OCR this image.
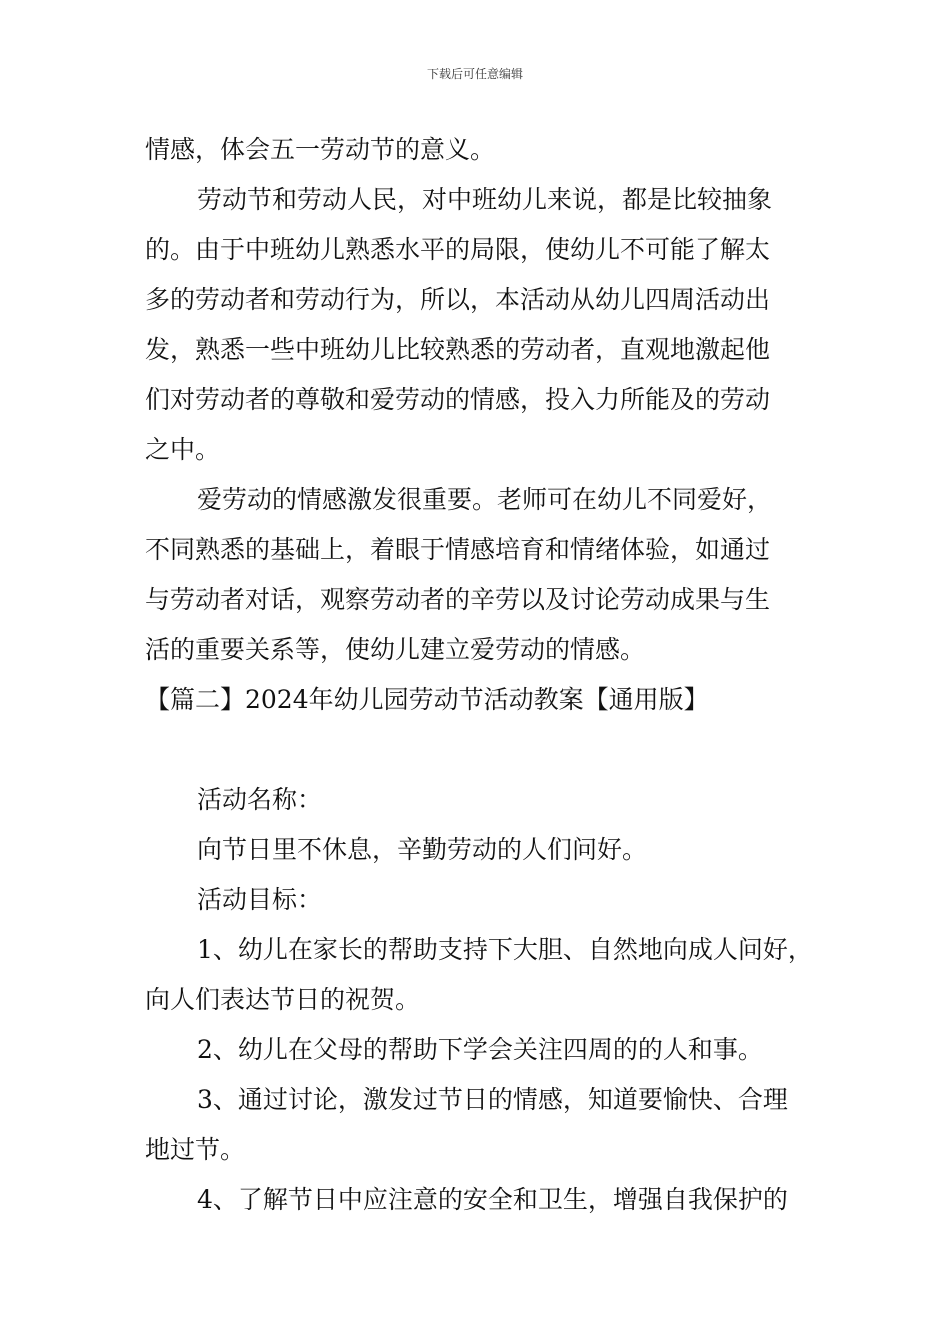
下载后可任意编辑
情感，体会五一劳动节的意义。
劳动节和劳动人民，对中班幼儿来说，都是比较抽象
的。由于中班幼儿熟悉水平的局限，使幼儿不可能了解太
多的劳动者和劳动行为，所以，本活动从幼儿四周活动出
发，熟悉一些中班幼儿比较熟悉的劳动者，直观地激起他
们对劳动者的尊敬和爱劳动的情感，投入力所能及的劳动
之中。
爱劳动的情感激发很重要。老师可在幼儿不同爱好，
不同熟悉的基础上，着眼于情感培育和情绪体验，如通过
与劳动者对话，观察劳动者的辛劳以及讨论劳动成果与生
活的重要关系等，使幼儿建立爱劳动的情感。
【篇二】2024年幼儿园劳动节活动教案【通用版】
活动名称：
向节日里不休息，辛勤劳动的人们问好。
活动目标：
1、幼儿在家长的帮助支持下大胆、自然地向成人问好，
向人们表达节日的祝贺。
2、幼儿在父母的帮助下学会关注四周的的人和事。
3、通过讨论，激发过节日的情感，知道要愉快、合理
地过节。
4、了解节日中应注意的安全和卫生，增强自我保护的
